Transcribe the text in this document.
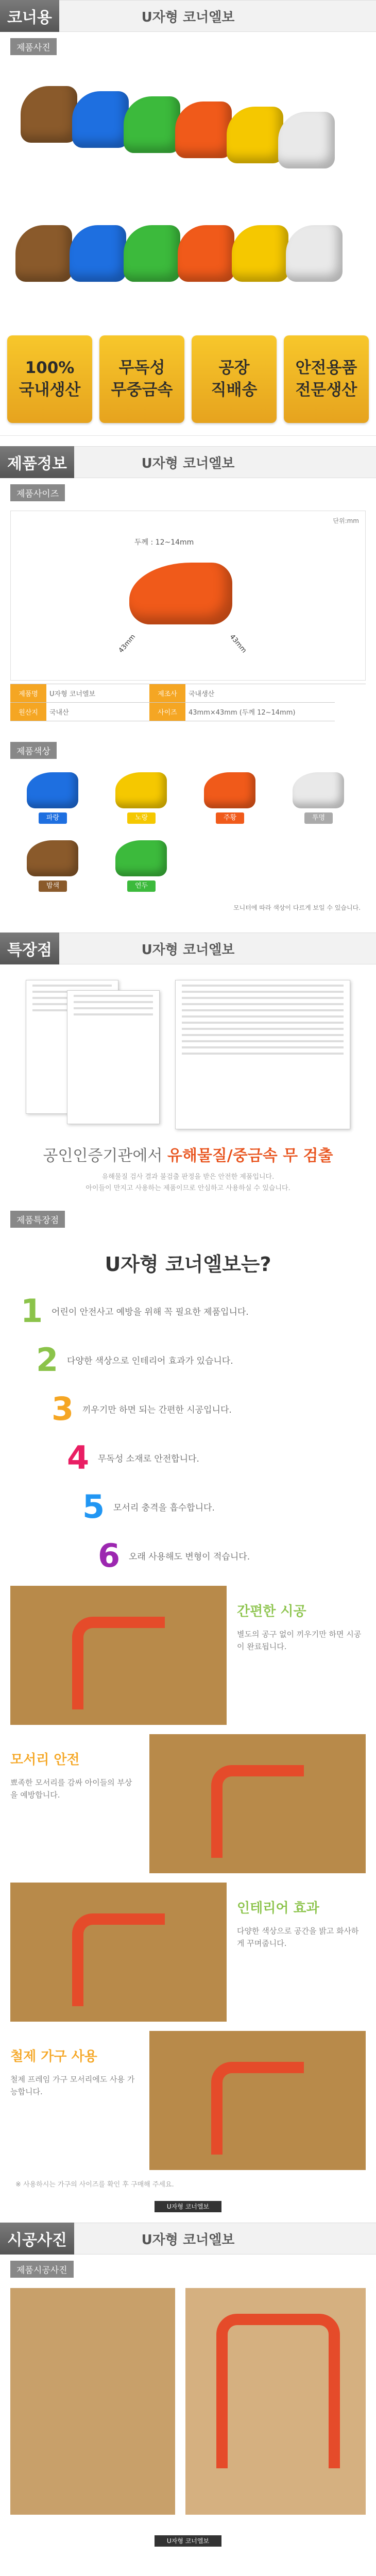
코너용	U자형 코너엘보
제품사진
100%
국내생산
무독성
무중금속
공장
직배송
안전용품
전문생산
제품정보	U자형 코너엘보
제품사이즈
단위:mm
두께 : 12~14mm
43mm	43mm
제품명	U자형 코너엘보	제조사	국내생산
원산지	국내산	사이즈	43mm×43mm (두께 12~14mm)
제품색상
파랑	노랑	주황	투명
밤색	연두
모니터에 따라 색상이 다르게 보일 수 있습니다.
특장점	U자형 코너엘보
공인인증기관에서 유해물질/중금속 무 검출
유해물질 검사 결과 불검출 판정을 받은 안전한 제품입니다.
아이들이 만지고 사용하는 제품이므로 안심하고 사용하실 수 있습니다.
제품특장점
U자형 코너엘보는?
1 어린이 안전사고 예방을 위해 꼭 필요한 제품입니다.
2 다양한 색상으로 인테리어 효과가 있습니다.
3 끼우기만 하면 되는 간편한 시공입니다.
4 무독성 소재로 안전합니다.
5 모서리 충격을 흡수합니다.
6 오래 사용해도 변형이 적습니다.
간편한 시공
별도의 공구 없이 끼우기만 하면 시공이 완료됩니다.
모서리 안전
뾰족한 모서리를 감싸 아이들의 부상을 예방합니다.
인테리어 효과
다양한 색상으로 공간을 밝고 화사하게 꾸며줍니다.
철제 가구 사용
철제 프레임 가구 모서리에도 사용 가능합니다.
※ 사용하시는 가구의 사이즈를 확인 후 구매해 주세요.
U자형 코너엘보
시공사진	U자형 코너엘보
제품시공사진
U자형 코너엘보
